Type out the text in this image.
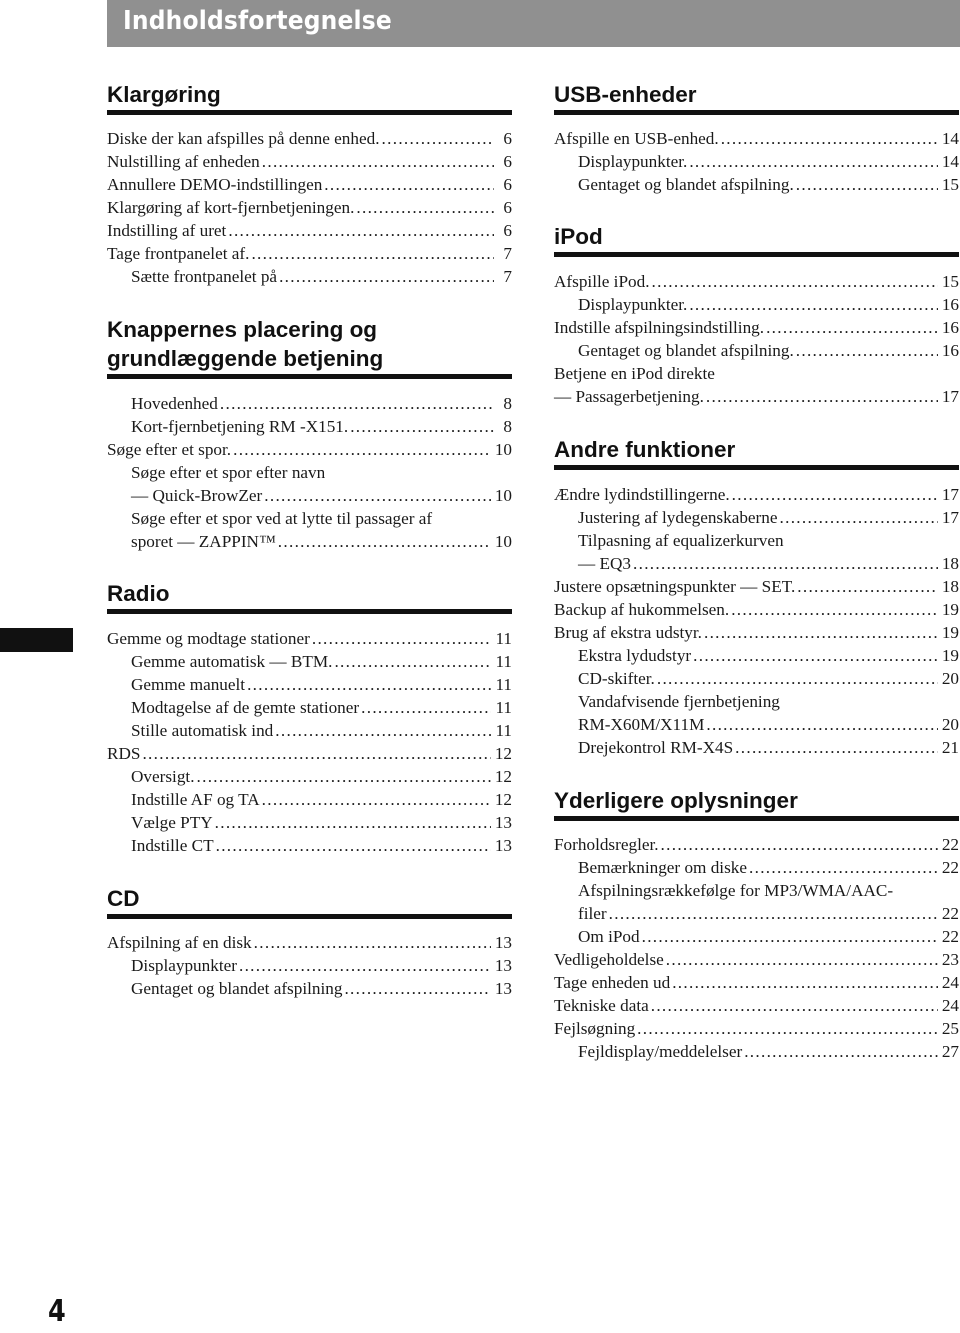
Indholdsfortegnelse
4
Klargøring
Diske der kan afspilles på denne enhed. . . .	6
Nulstilling af enheden . . .	6
Annullere DEMO-indstillingen . . .	6
Klargøring af kort-fjernbetjeningen. . . .	6
Indstilling af uret . . .	6
Tage frontpanelet af. . . .	7
Sætte frontpanelet på . . .	7
Knappernes placering og
grundlæggende betjening
Hovedenhed . . .	8
Kort-fjernbetjening RM -X151. . . .	8
Søge efter et spor. . . .	10
Søge efter et spor efter navn
— Quick-BrowZer . . .	10
Søge efter et spor ved at lytte til passager af
sporet — ZAPPIN™ . . .	10
Radio
Gemme og modtage stationer . . .	11
Gemme automatisk — BTM. . . .	11
Gemme manuelt . . .	11
Modtagelse af de gemte stationer . . .	11
Stille automatisk ind . . .	11
RDS . . .	12
Oversigt. . . .	12
Indstille AF og TA . . .	12
Vælge PTY . . .	13
Indstille CT . . .	13
CD
Afspilning af en disk . . .	13
Displaypunkter . . .	13
Gentaget og blandet afspilning . . .	13
USB-enheder
Afspille en USB-enhed. . . .	14
Displaypunkter. . . .	14
Gentaget og blandet afspilning. . . .	15
iPod
Afspille iPod. . . .	15
Displaypunkter. . . .	16
Indstille afspilningsindstilling. . . .	16
Gentaget og blandet afspilning. . . .	16
Betjene en iPod direkte
— Passagerbetjening. . . .	17
Andre funktioner
Ændre lydindstillingerne. . . .	17
Justering af lydegenskaberne . . .	17
Tilpasning af equalizerkurven
— EQ3 . . .	18
Justere opsætningspunkter — SET. . . .	18
Backup af hukommelsen. . . .	19
Brug af ekstra udstyr. . . .	19
Ekstra lydudstyr . . .	19
CD-skifter. . . .	20
Vandafvisende fjernbetjening
RM-X60M/X11M . . .	20
Drejekontrol RM-X4S . . .	21
Yderligere oplysninger
Forholdsregler. . . .	22
Bemærkninger om diske . . .	22
Afspilningsrækkefølge for MP3/WMA/AAC-
filer . . .	22
Om iPod . . .	22
Vedligeholdelse . . .	23
Tage enheden ud . . .	24
Tekniske data . . .	24
Fejlsøgning . . .	25
Fejldisplay/meddelelser . . .	27
